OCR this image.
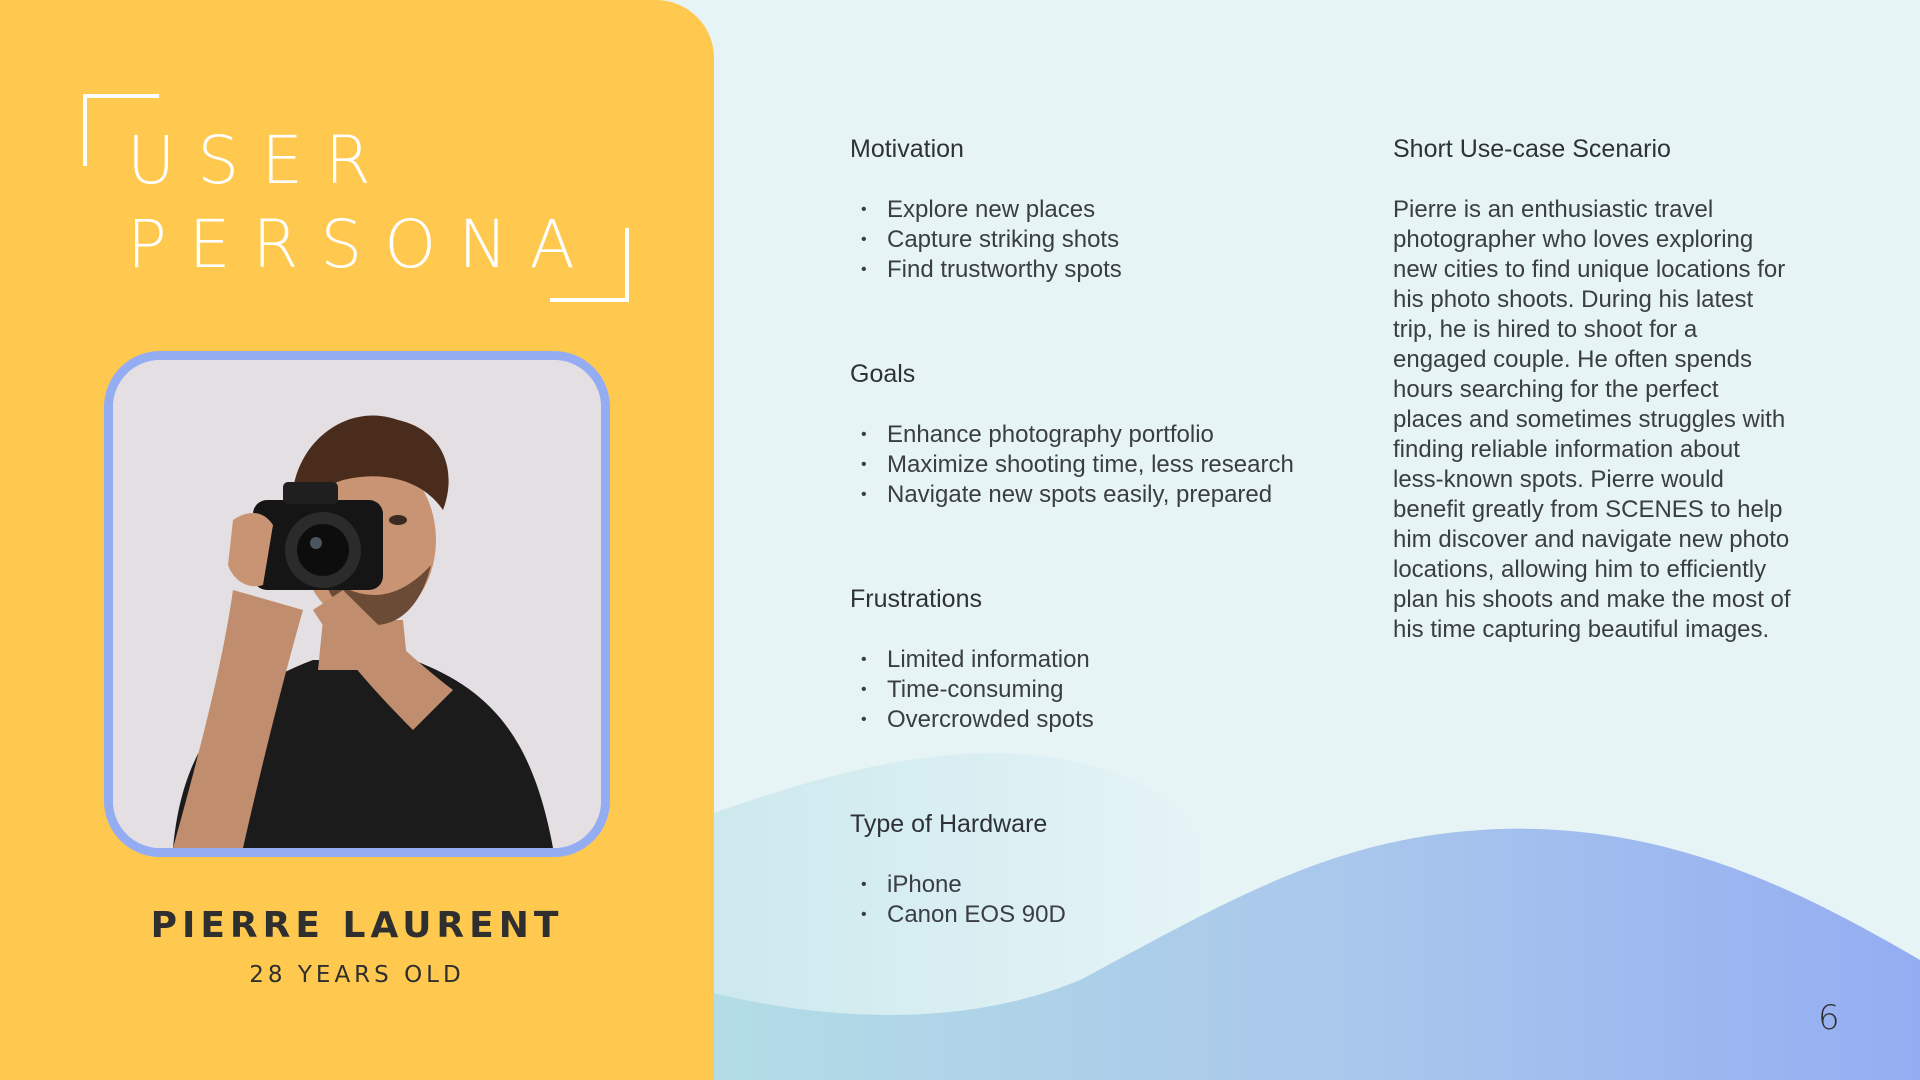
USER
PERSONA

PIERRE LAURENT

28 YEARS OLD

Motivation
• Explore new places
• Capture striking shots
• Find trustworthy spots
Goals
• Enhance photography portfolio
• Maximize shooting time, less research
• Navigate new spots easily, prepared
Frustrations
• Limited information
• Time-consuming
• Overcrowded spots
Type of Hardware
• iPhone
• Canon EOS 90D
Short Use-case Scenario

Pierre is an enthusiastic travel photographer who loves exploring new cities to find unique locations for his photo shoots. During his latest trip, he is hired to shoot for a engaged couple. He often spends hours searching for the perfect places and sometimes struggles with finding reliable information about less-known spots. Pierre would benefit greatly from SCENES to help him discover and navigate new photo locations, allowing him to efficiently plan his shoots and make the most of his time capturing beautiful images.

6
